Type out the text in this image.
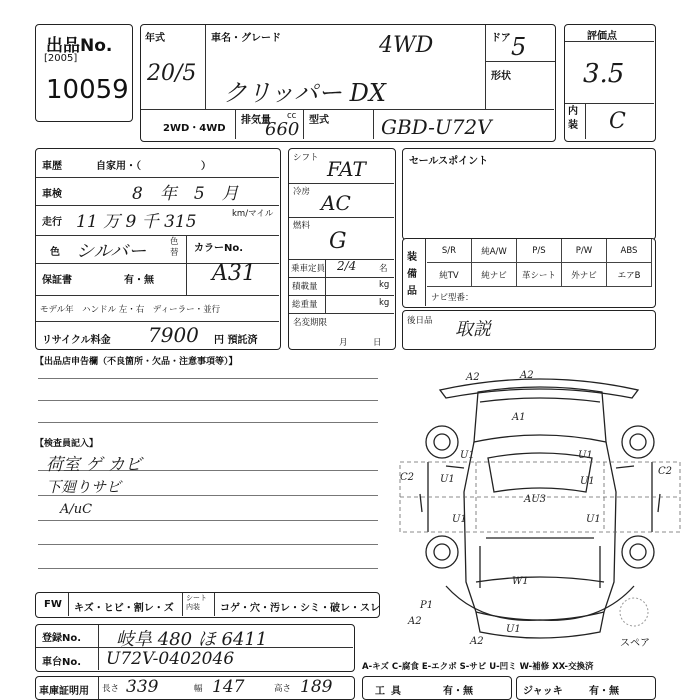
出品No.
[2005]
10059
年式
20/5
車名・グレード	4WD
クリッパー DX
ドア 5
形状
2WD・4WD
排気量 cc
660 型式	GBD-U72V
評価点
3.5
内装 C
車歴	自家用・（　　　　　　）
車検	8　年　5　月
走行 11 万 9 千 315	km/マイル
色 シルバー	色替	カラーNo.
A31
保証書	有・無
モデル年　ハンドル 左・右　ディーラー・並行
リサイクル料金 7900 円 預託済
シフト FAT
冷房 AC
燃料
G
乗車定員 2/4	名
積載量	kg
総重量	kg
名変期限
月　　　日
セールスポイント
装備品
S/R	純A/W	P/S	P/W	ABS
純TV	純ナビ	革シート	外ナビ	エアB
ナビ型番：
後日品 取説
【出品店申告欄（不良箇所・欠品・注意事項等）】
【検査員記入】
荷室 ゲ カビ
下廻りサビ
A/uC
A2	A2
A1
AU3
U1	U1
U1	U1
U1
U1
W1
C2
C2
A2
P1
A2
U1
スペア
FW キズ・ヒビ・割レ・ズ
シート内装	コゲ・穴・汚レ・シミ・破レ・スレ
登録No. 岐阜 480 ほ 6411
車台No. U72V-0402046	A-キズ C-腐食 E-エクボ S-サビ U-凹ミ W-補修 XX-交換済
車庫証明用 長さ 339	幅 147	高さ 189	工具	有・無	ジャッキ	有・無
